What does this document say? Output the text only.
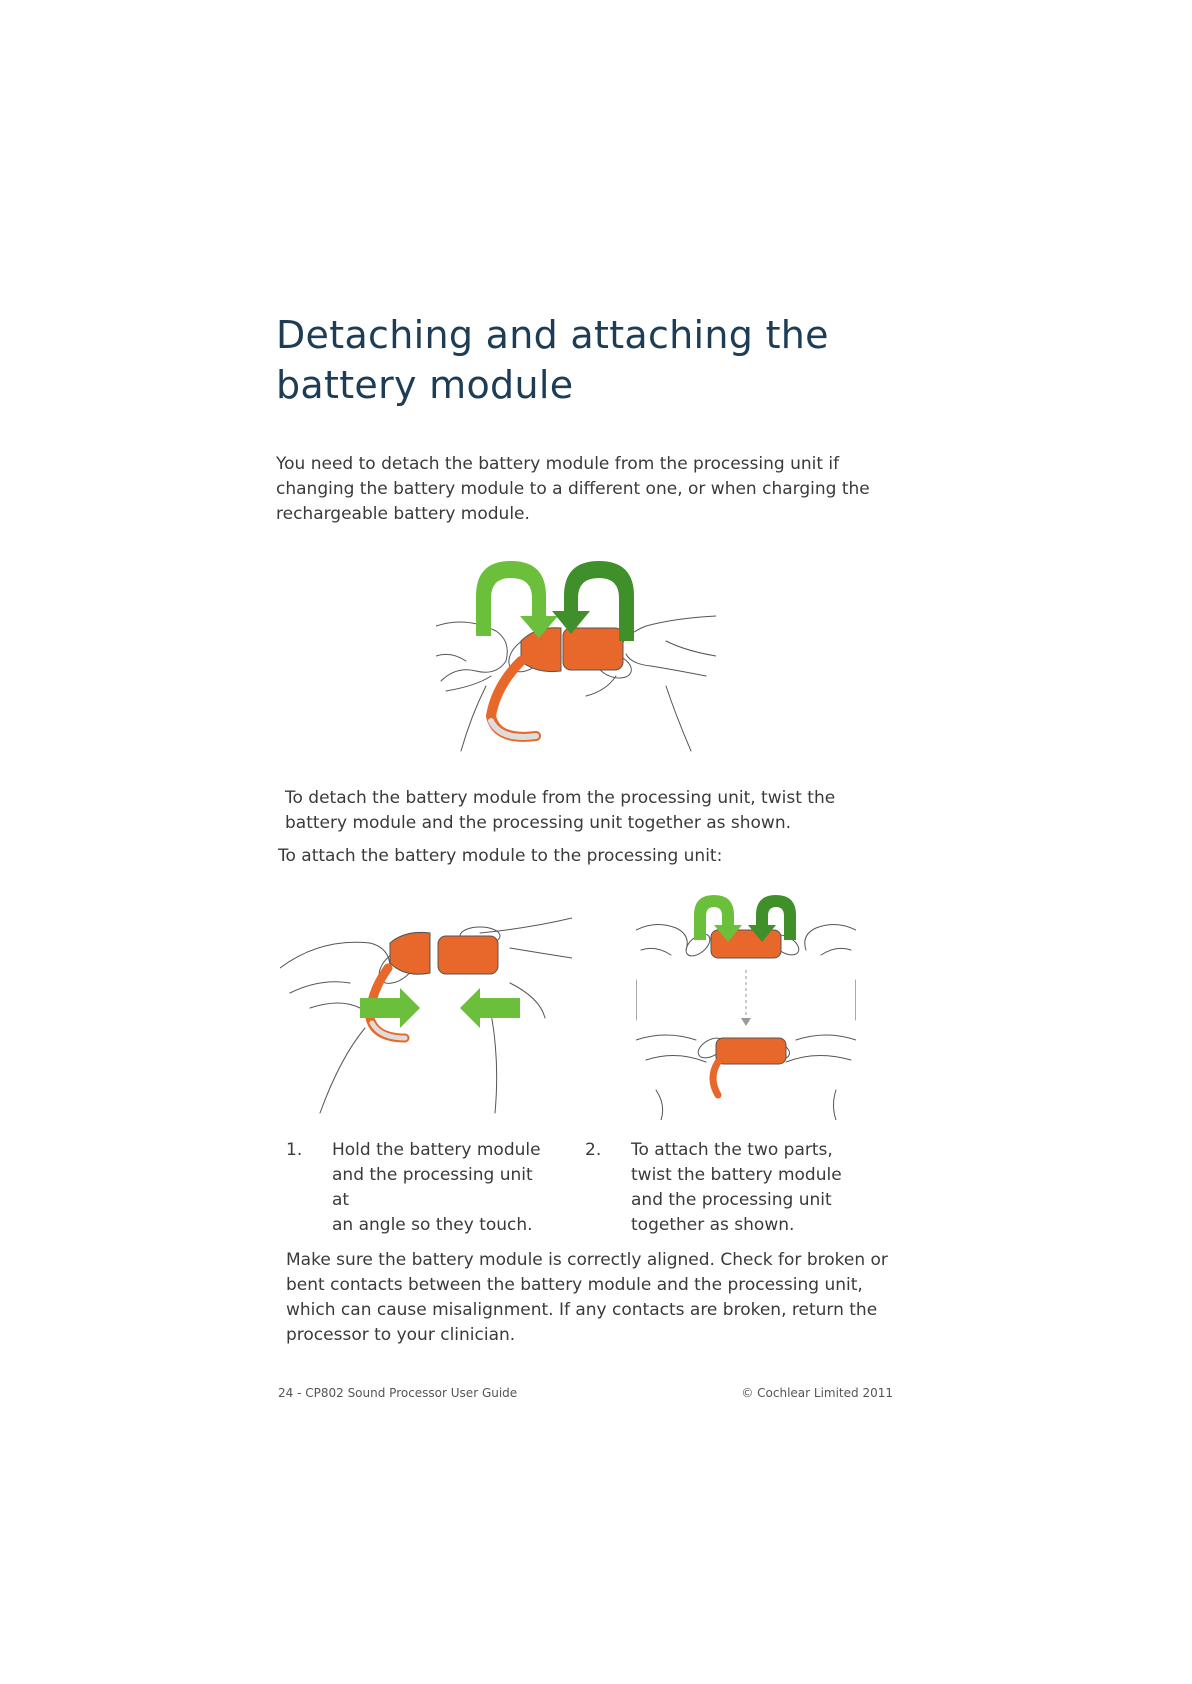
Detaching and attaching the battery module

You need to detach the battery module from the processing unit if changing the battery module to a different one, or when charging the rechargeable battery module.

To detach the battery module from the processing unit, twist the battery module and the processing unit together as shown.

To attach the battery module to the processing unit:

1. Hold the battery module
and the processing unit at
an angle so they touch.
2. To attach the two parts,
twist the battery module
and the processing unit
together as shown.

Make sure the battery module is correctly aligned. Check for broken or bent contacts between the battery module and the processing unit, which can cause misalignment. If any contacts are broken, return the processor to your clinician.

24 - CP802 Sound Processor User Guide	© Cochlear Limited 2011
